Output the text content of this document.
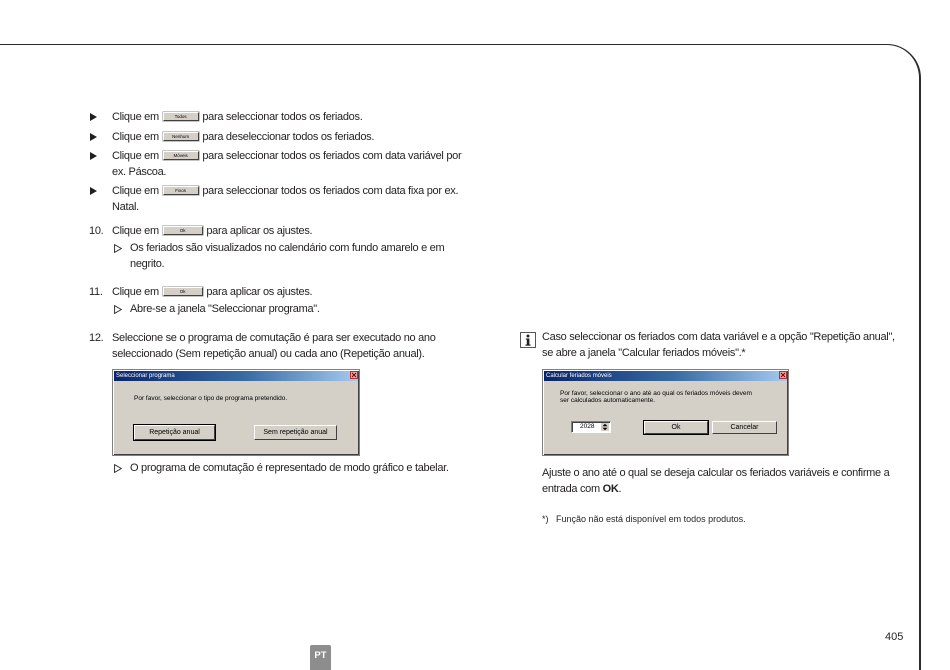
Clique em	Todos para seleccionar todos os feriados.
Clique em	Nenhum para deseleccionar todos os feriados.
Clique em	Móveis para seleccionar todos os feriados com data variável por
ex. Páscoa.
Clique em	Fixos para seleccionar todos os feriados com data fixa por ex.
Natal.
10. Clique em	Ok para aplicar os ajustes.
Os feriados são visualizados no calendário com fundo amarelo e em
negrito.
11. Clique em	Ok para aplicar os ajustes.
Abre-se a janela "Seleccionar programa".
12. Seleccione se o programa de comutação é para ser executado no ano
seleccionado (Sem repetição anual) ou cada ano (Repetição anual).
Seleccionar programa
Por favor, seleccionar o tipo de programa pretendido.
Repetição anual	Sem repetição anual
O programa de comutação é representado de modo gráfico e tabelar.
Caso seleccionar os feriados com data variável e a opção "Repetição anual",
se abre a janela "Calcular feriados móveis".*
Calcular feriados móveis
Por favor, seleccionar o ano até ao qual os feriados móveis devem
ser calculados automaticamente.
2028	Ok	Cancelar
Ajuste o ano até o qual se deseja calcular os feriados variáveis e confirme a
entrada com OK.
*) Função não está disponível em todos produtos.
405
PT
